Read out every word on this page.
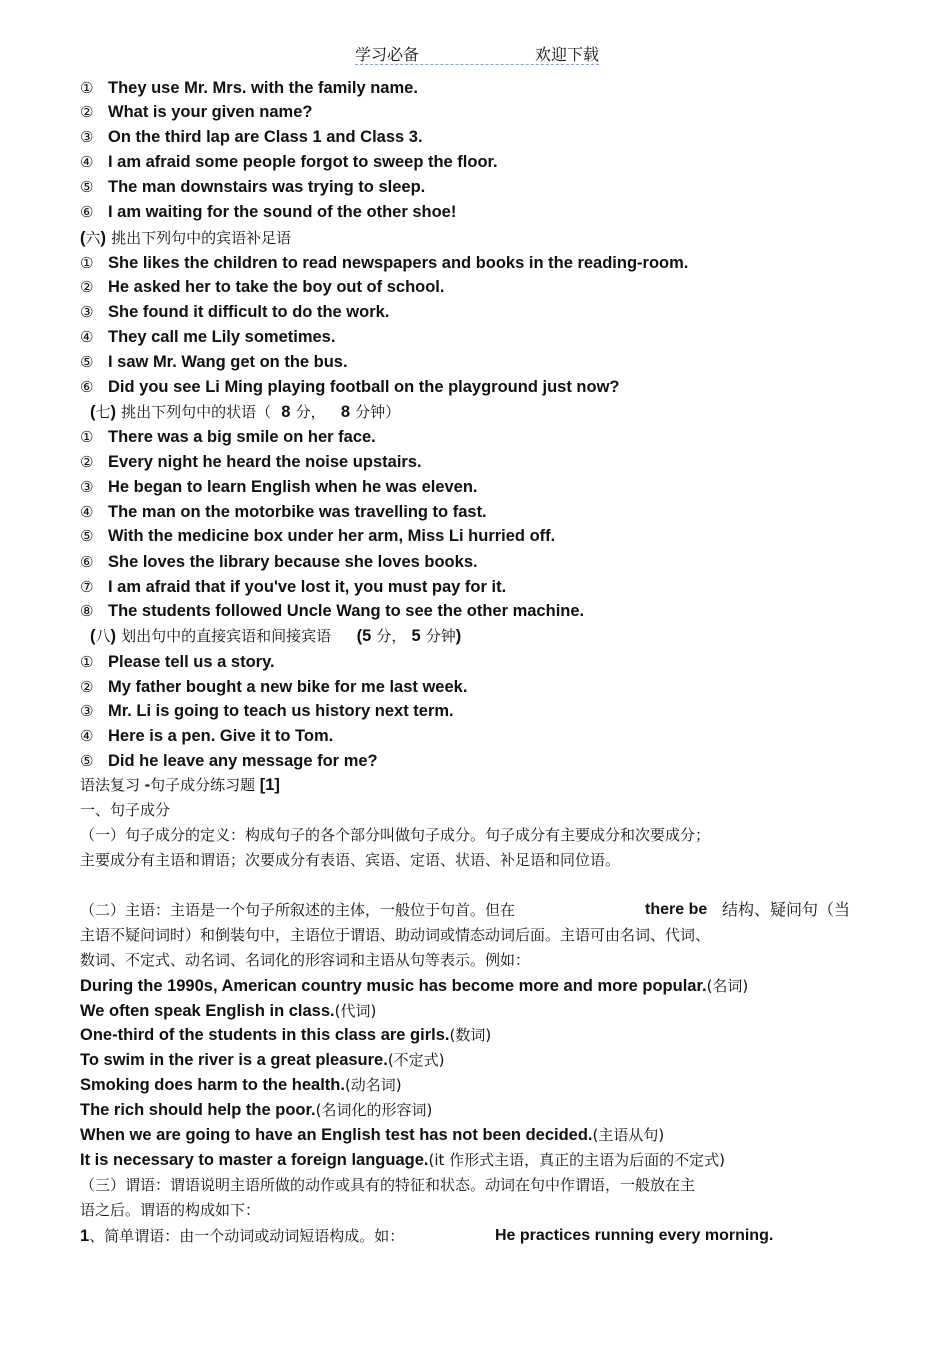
学习必备	欢迎下载
① They use Mr. Mrs. with the family name.
② What is your given name?
③ On the third lap are Class 1 and Class 3.
④ I am afraid some people forgot to sweep the floor.
⑤ The man downstairs was trying to sleep.
⑥ I am waiting for the sound of the other shoe!
(六) 挑出下列句中的宾语补足语
① She likes the children to read newspapers and books in the reading-room.
② He asked her to take the boy out of school.
③ She found it difficult to do the work.
④ They call me Lily sometimes.
⑤ I saw Mr. Wang get on the bus.
⑥ Did you see Li Ming playing football on the playground just now?
(七) 挑出下列句中的状语（ 8 分， 8 分钟）
① There was a big smile on her face.
② Every night he heard the noise upstairs.
③ He began to learn English when he was eleven.
④ The man on the motorbike was travelling to fast.
⑤ With the medicine box under her arm, Miss Li hurried off.
⑥ She loves the library because she loves books.
⑦ I am afraid that if you've lost it, you must pay for it.
⑧ The students followed Uncle Wang to see the other machine.
(八) 划出句中的直接宾语和间接宾语 (5 分， 5 分钟)
① Please tell us a story.
② My father bought a new bike for me last week.
③ Mr. Li is going to teach us history next term.
④ Here is a pen. Give it to Tom.
⑤ Did he leave any message for me?
语法复习 -句子成分练习题 [1]
一、句子成分
（一）句子成分的定义：构成句子的各个部分叫做句子成分。句子成分有主要成分和次要成分；
主要成分有主语和谓语；次要成分有表语、宾语、定语、状语、补足语和同位语。
（二）主语：主语是一个句子所叙述的主体，一般位于句首。但在	there be 结构、疑问句（当
主语不疑问词时）和倒装句中，主语位于谓语、助动词或情态动词后面。主语可由名词、代词、
数词、不定式、动名词、名词化的形容词和主语从句等表示。例如：
During the 1990s, American country music has become more and more popular.(名词)
We often speak English in class.(代词)
One-third of the students in this class are girls.(数词)
To swim in the river is a great pleasure.(不定式)
Smoking does harm to the health.(动名词)
The rich should help the poor.(名词化的形容词)
When we are going to have an English test has not been decided.(主语从句)
It is necessary to master a foreign language.(it 作形式主语，真正的主语为后面的不定式)
（三）谓语：谓语说明主语所做的动作或具有的特征和状态。动词在句中作谓语，一般放在主
语之后。谓语的构成如下：
1、简单谓语：由一个动词或动词短语构成。如：	He practices running every morning.
